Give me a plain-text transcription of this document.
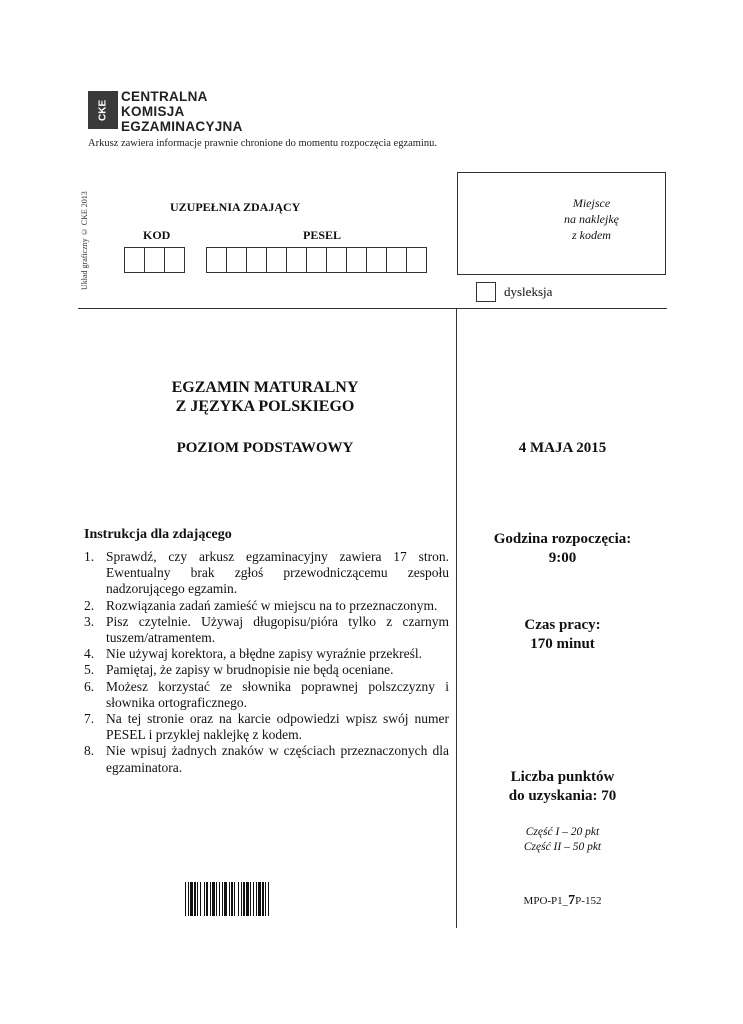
CKE
CENTRALNA
KOMISJA
EGZAMINACYJNA
Arkusz zawiera informacje prawnie chronione do momentu rozpoczęcia egzaminu.
Układ graficzny © CKE 2013	UZUPEŁNIA ZDAJĄCY
KOD	PESEL
Miejsce
na naklejkę
z kodem
dysleksja
EGZAMIN MATURALNY
Z JĘZYKA POLSKIEGO
POZIOM PODSTAWOWY	4 MAJA 2015
Instrukcja dla zdającego
1. Sprawdź, czy arkusz egzaminacyjny zawiera 17 stron. Ewentualny brak zgłoś przewodniczącemu zespołu nadzorującego egzamin.
2. Rozwiązania zadań zamieść w miejscu na to przeznaczonym.
3. Pisz czytelnie. Używaj długopisu/pióra tylko z czarnym tuszem/atramentem.
4. Nie używaj korektora, a błędne zapisy wyraźnie przekreśl.
5. Pamiętaj, że zapisy w brudnopisie nie będą oceniane.
6. Możesz korzystać ze słownika poprawnej polszczyzny i słownika ortograficznego.
7. Na tej stronie oraz na karcie odpowiedzi wpisz swój numer PESEL i przyklej naklejkę z kodem.
8. Nie wpisuj żadnych znaków w częściach przeznaczonych dla egzaminatora.
Godzina rozpoczęcia:
9:00
Czas pracy:
170 minut
Liczba punktów
do uzyskania: 70
Część I – 20 pkt
Część II – 50 pkt
MPO-P1_7P-152
